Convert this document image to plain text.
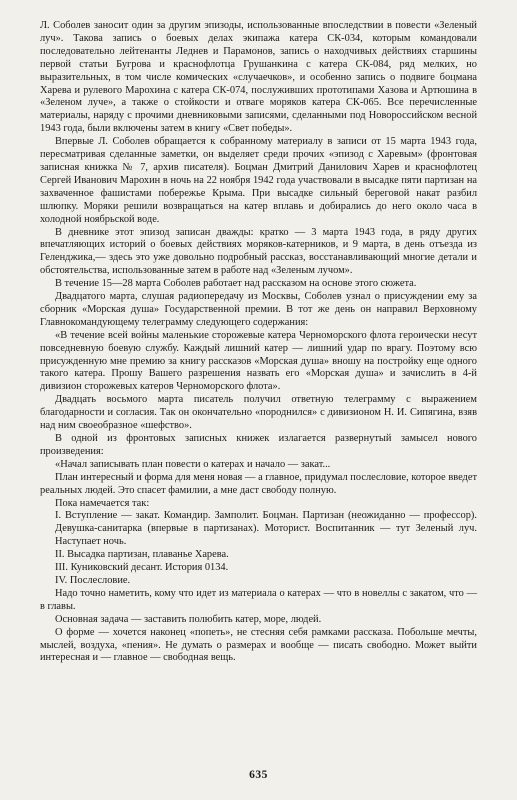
Л. Соболев заносит один за другим эпизоды, использованные впоследствии в повести «Зеленый луч». Такова запись о боевых делах экипажа катера СК-034, которым командовали последовательно лейтенанты Леднев и Парамонов, запись о находчивых действиях старшины первой статьи Бугрова и краснофлотца Грушанкина с катера СК-084, ряд мелких, но выразительных, в том числе комических «случаечков», и особенно запись о подвиге боцмана Харева и рулевого Марохина с катера СК-074, послуживших прототипами Хазова и Артюшина в «Зеленом луче», а также о стойкости и отваге моряков катера СК-065. Все перечисленные материалы, наряду с прочими дневниковыми записями, сделанными под Новороссийском весной 1943 года, были включены затем в книгу «Свет победы».

Впервые Л. Соболев обращается к собранному материалу в записи от 15 марта 1943 года, пересматривая сделанные заметки, он выделяет среди прочих «эпизод с Харевым» (фронтовая записная книжка № 7, архив писателя). Боцман Дмитрий Данилович Харев и краснофлотец Сергей Иванович Марохин в ночь на 22 ноября 1942 года участвовали в высадке пяти партизан на захваченное фашистами побережье Крыма. При высадке сильный береговой накат разбил шлюпку. Моряки решили возвращаться на катер вплавь и добирались до него около часа в холодной ноябрьской воде.

В дневнике этот эпизод записан дважды: кратко — 3 марта 1943 года, в ряду других впечатляющих историй о боевых действиях моряков-катерников, и 9 марта, в день отъезда из Геленджика,— здесь это уже довольно подробный рассказ, восстанавливающий многие детали и обстоятельства, использованные затем в работе над «Зеленым лучом».

В течение 15—28 марта Соболев работает над рассказом на основе этого сюжета.

Двадцатого марта, слушая радиопередачу из Москвы, Соболев узнал о присуждении ему за сборник «Морская душа» Государственной премии. В тот же день он направил Верховному Главнокомандующему телеграмму следующего содержания:

«В течение всей войны маленькие сторожевые катера Черноморского флота героически несут повседневную боевую службу. Каждый лишний катер — лишний удар по врагу. Поэтому всю присужденную мне премию за книгу рассказов «Морская душа» вношу на постройку еще одного такого катера. Прошу Вашего разрешения назвать его «Морская душа» и зачислить в 4-й дивизион сторожевых катеров Черноморского флота».

Двадцать восьмого марта писатель получил ответную телеграмму с выражением благодарности и согласия. Так он окончательно «породнился» с дивизионом Н. И. Сипягина, взяв над ним своеобразное «шефство».

В одной из фронтовых записных книжек излагается развернутый замысел нового произведения:

«Начал записывать план повести о катерах и начало — закат...

План интересный и форма для меня новая — а главное, придумал послесловие, которое введет реальных людей. Это спасет фамилии, а мне даст свободу полную.

Пока намечается так:

I. Вступление — закат. Командир. Замполит. Боцман. Партизан (неожиданно — профессор). Девушка-санитарка (впервые в партизанах). Моторист. Воспитанник — тут Зеленый луч. Наступает ночь.

II. Высадка партизан, плаванье Харева.

III. Куниковский десант. История 0134.

IV. Послесловие.

Надо точно наметить, кому что идет из материала о катерах — что в новеллы с закатом, что — в главы.

Основная задача — заставить полюбить катер, море, людей.

О форме — хочется наконец «попеть», не стесняя себя рамками рассказа. Побольше мечты, мыслей, воздуха, «пения». Не думать о размерах и вообще — писать свободно. Может выйти интересная и — главное — свободная вещь.

635
